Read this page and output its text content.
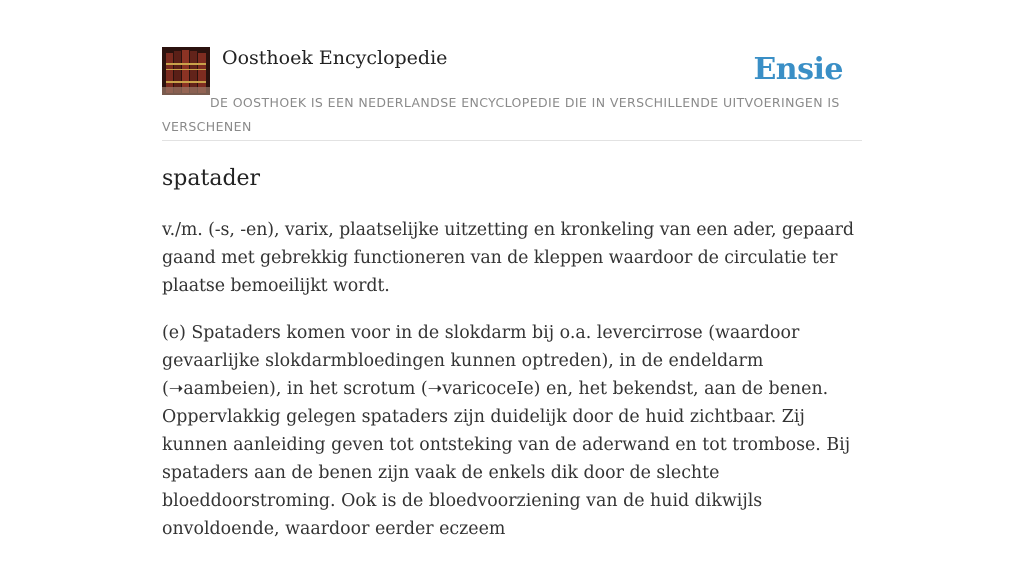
Oosthoek Encyclopedie	Ensie
DE OOSTHOEK IS EEN NEDERLANDSE ENCYCLOPEDIE DIE IN VERSCHILLENDE UITVOERINGEN IS VERSCHENEN
spatader

v./m. (-s, -en), varix, plaatselijke uitzetting en kronkeling van een ader, gepaard gaand met gebrekkig functioneren van de kleppen waardoor de circulatie ter plaatse bemoeilijkt wordt.

(e) Spataders komen voor in de slokdarm bij o.a. levercirrose (waardoor gevaarlijke slokdarmbloedingen kunnen optreden), in de endeldarm (➝aambeien), in het scrotum (➝varicoceIe) en, het bekendst, aan de benen. Oppervlakkig gelegen spataders zijn duidelijk door de huid zichtbaar. Zij kunnen aanleiding geven tot ontsteking van de aderwand en tot trombose. Bij spataders aan de benen zijn vaak de enkels dik door de slechte bloeddoorstroming. Ook is de bloedvoorziening van de huid dikwijls onvoldoende, waardoor eerder eczeem
